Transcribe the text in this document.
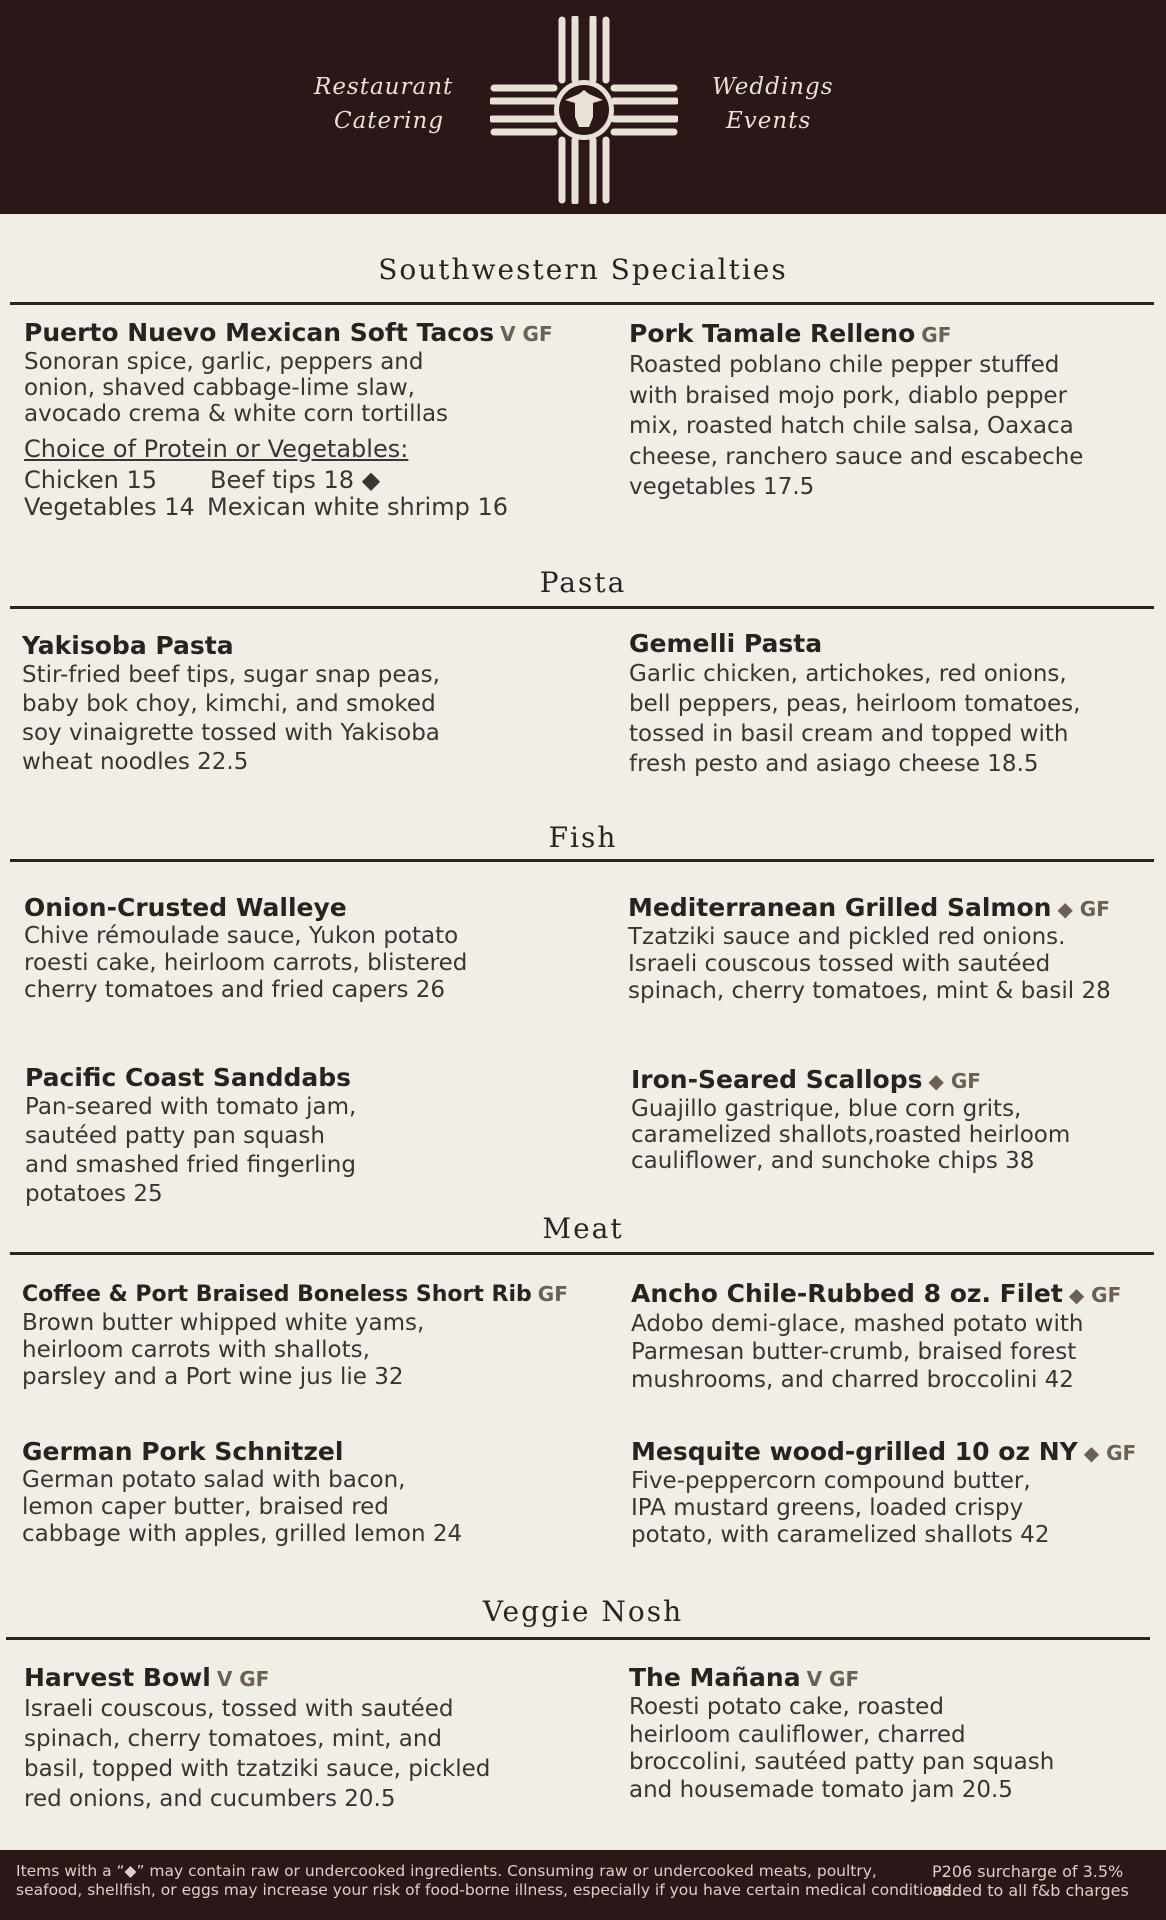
Restaurant
Catering
Weddings
Events
Southwestern Specialties
Puerto Nuevo Mexican Soft Tacos V GF
Sonoran spice, garlic, peppers and
onion, shaved cabbage-lime slaw,
avocado crema & white corn tortillas
Choice of Protein or Vegetables:
Chicken 15 Beef tips 18 ◆
Vegetables 14 Mexican white shrimp 16
Pork Tamale Relleno GF
Roasted poblano chile pepper stuffed
with braised mojo pork, diablo pepper
mix, roasted hatch chile salsa, Oaxaca
cheese, ranchero sauce and escabeche
vegetables 17.5
Pasta
Yakisoba Pasta
Stir-fried beef tips, sugar snap peas,
baby bok choy, kimchi, and smoked
soy vinaigrette tossed with Yakisoba
wheat noodles 22.5
Gemelli Pasta
Garlic chicken, artichokes, red onions,
bell peppers, peas, heirloom tomatoes,
tossed in basil cream and topped with
fresh pesto and asiago cheese 18.5
Fish
Onion-Crusted Walleye
Chive rémoulade sauce, Yukon potato
roesti cake, heirloom carrots, blistered
cherry tomatoes and fried capers 26
Mediterranean Grilled Salmon ◆ GF
Tzatziki sauce and pickled red onions.
Israeli couscous tossed with sautéed
spinach, cherry tomatoes, mint & basil 28
Pacific Coast Sanddabs
Pan-seared with tomato jam,
sautéed patty pan squash
and smashed fried fingerling
potatoes 25
Iron-Seared Scallops ◆ GF
Guajillo gastrique, blue corn grits,
caramelized shallots,roasted heirloom
cauliflower, and sunchoke chips 38
Meat
Coffee & Port Braised Boneless Short Rib GF
Brown butter whipped white yams,
heirloom carrots with shallots,
parsley and a Port wine jus lie 32
Ancho Chile-Rubbed 8 oz. Filet ◆ GF
Adobo demi-glace, mashed potato with
Parmesan butter-crumb, braised forest
mushrooms, and charred broccolini 42
German Pork Schnitzel
German potato salad with bacon,
lemon caper butter, braised red
cabbage with apples, grilled lemon 24
Mesquite wood-grilled 10 oz NY ◆ GF
Five-peppercorn compound butter,
IPA mustard greens, loaded crispy
potato, with caramelized shallots 42
Veggie Nosh
Harvest Bowl V GF
Israeli couscous, tossed with sautéed
spinach, cherry tomatoes, mint, and
basil, topped with tzatziki sauce, pickled
red onions, and cucumbers 20.5
The Mañana V GF
Roesti potato cake, roasted
heirloom cauliflower, charred
broccolini, sautéed patty pan squash
and housemade tomato jam 20.5
Items with a “◆” may contain raw or undercooked ingredients. Consuming raw or undercooked meats, poultry,
seafood, shellfish, or eggs may increase your risk of food-borne illness, especially if you have certain medical conditions.
P206 surcharge of 3.5%
added to all f&b charges
